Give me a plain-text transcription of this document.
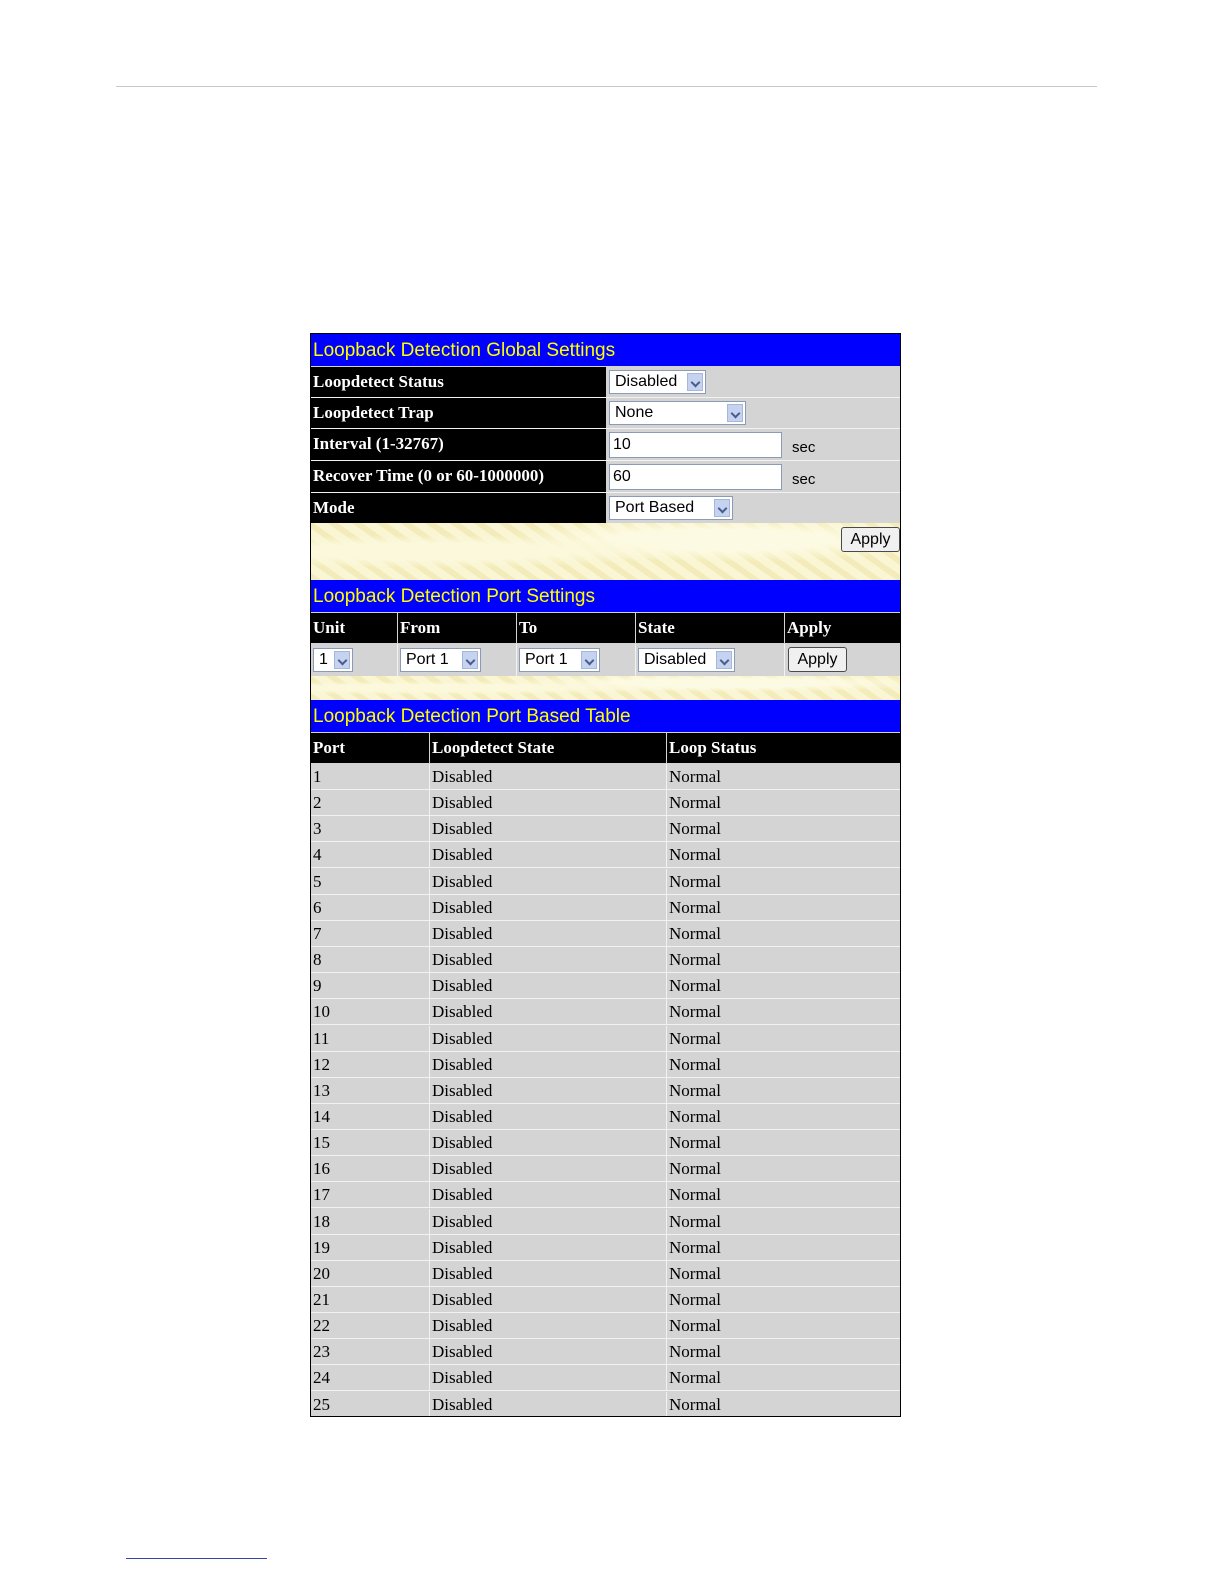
Loopback Detection Global Settings
Loopdetect Status	Disabled
Loopdetect Trap	None
Interval (1-32767)	10	sec
Recover Time (0 or 60-1000000)	60	sec
Mode	Port Based
Apply
Loopback Detection Port Settings
Unit	From	To	State	Apply
1	Port 1	Port 1	Disabled	Apply
Loopback Detection Port Based Table
Port	Loopdetect State	Loop Status
1	Disabled	Normal
2	Disabled	Normal
3	Disabled	Normal
4	Disabled	Normal
5	Disabled	Normal
6	Disabled	Normal
7	Disabled	Normal
8	Disabled	Normal
9	Disabled	Normal
10	Disabled	Normal
11	Disabled	Normal
12	Disabled	Normal
13	Disabled	Normal
14	Disabled	Normal
15	Disabled	Normal
16	Disabled	Normal
17	Disabled	Normal
18	Disabled	Normal
19	Disabled	Normal
20	Disabled	Normal
21	Disabled	Normal
22	Disabled	Normal
23	Disabled	Normal
24	Disabled	Normal
25	Disabled	Normal
